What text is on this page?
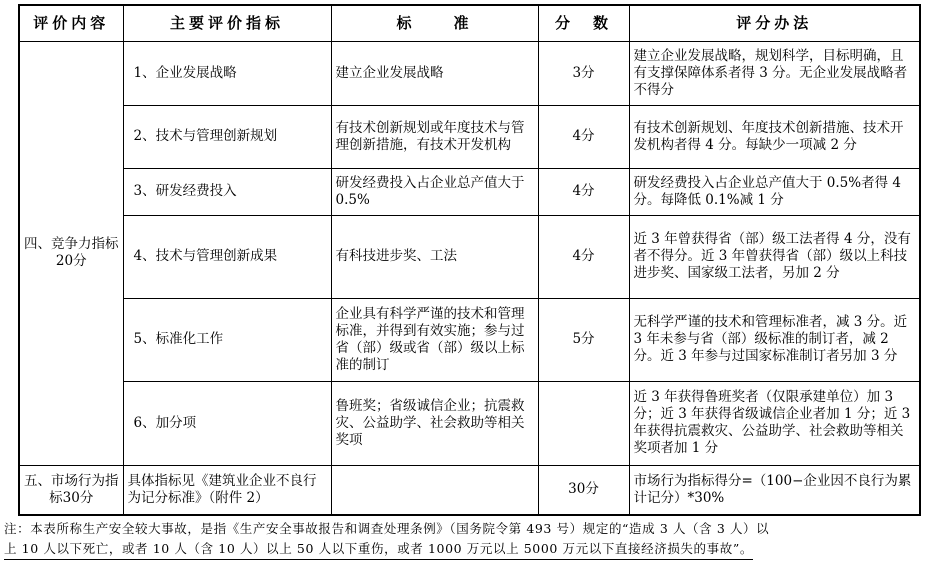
评价内容	主要评价指标	标　　准	分　数	评分办法
四、竞争力指标20分	1、企业发展战略	建立企业发展战略	3分	建立企业发展战略，规划科学，目标明确，且有支撑保障体系者得 3 分。无企业发展战略者不得分
	2、技术与管理创新规划	有技术创新规划或年度技术与管理创新措施，有技术开发机构	4分	有技术创新规划、年度技术创新措施、技术开发机构者得 4 分。每缺少一项减 2 分
	3、研发经费投入	研发经费投入占企业总产值大于 0.5%	4分	研发经费投入占企业总产值大于 0.5%者得 4 分。每降低 0.1%减 1 分
	4、技术与管理创新成果	有科技进步奖、工法	4分	近 3 年曾获得省（部）级工法者得 4 分，没有者不得分。近 3 年曾获得省（部）级以上科技进步奖、国家级工法者，另加 2 分
	5、标准化工作	企业具有科学严谨的技术和管理标准，并得到有效实施；参与过省（部）级或省（部）级以上标准的制订	5分	无科学严谨的技术和管理标准者，减 3 分。近 3 年未参与省（部）级标准的制订者，减 2 分。近 3 年参与过国家标准制订者另加 3 分
	6、加分项	鲁班奖；省级诚信企业；抗震救灾、公益助学、社会救助等相关奖项		近 3 年获得鲁班奖者（仅限承建单位）加 3 分；近 3 年获得省级诚信企业者加 1 分；近 3 年获得抗震救灾、公益助学、社会救助等相关奖项者加 1 分
五、市场行为指标30分	具体指标见《建筑业企业不良行为记分标准》（附件 2）		30分	市场行为指标得分=（100−企业因不良行为累计记分）*30%
注：本表所称生产安全较大事故，是指《生产安全事故报告和调查处理条例》（国务院令第 493 号）规定的“造成 3 人（含 3 人）以
上 10 人以下死亡，或者 10 人（含 10 人）以上 50 人以下重伤，或者 1000 万元以上 5000 万元以下直接经济损失的事故”。
